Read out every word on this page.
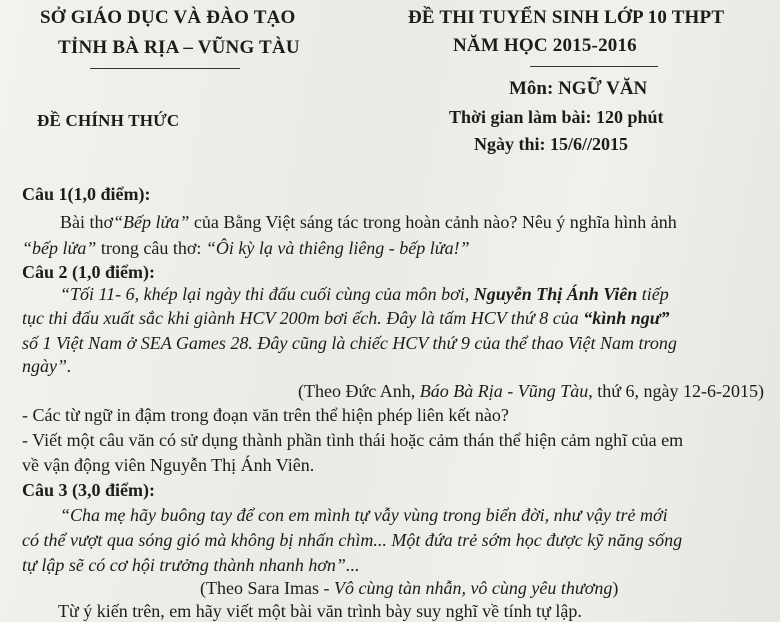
SỞ GIÁO DỤC VÀ ĐÀO TẠO
TỈNH BÀ RỊA – VŨNG TÀU
ĐỀ CHÍNH THỨC
ĐỀ THI TUYỂN SINH LỚP 10 THPT
NĂM HỌC 2015-2016
Môn: NGỮ VĂN
Thời gian làm bài: 120 phút
Ngày thi: 15/6//2015
Câu 1(1,0 điểm):
Bài thơ“Bếp lửa” của Bằng Việt sáng tác trong hoàn cảnh nào? Nêu ý nghĩa hình ảnh
“bếp lửa” trong câu thơ: “Ôi kỳ lạ và thiêng liêng - bếp lửa!”
Câu 2 (1,0 điểm):
“Tối 11- 6, khép lại ngày thi đấu cuối cùng của môn bơi, Nguyễn Thị Ánh Viên tiếp
tục thi đấu xuất sắc khi giành HCV 200m bơi ếch. Đây là tấm HCV thứ 8 của “kình ngư”
số 1 Việt Nam ở SEA Games 28. Đây cũng là chiếc HCV thứ 9 của thể thao Việt Nam trong
ngày”.
(Theo Đức Anh, Báo Bà Rịa - Vũng Tàu, thứ 6, ngày 12-6-2015)
- Các từ ngữ in đậm trong đoạn văn trên thể hiện phép liên kết nào?
- Viết một câu văn có sử dụng thành phần tình thái hoặc cảm thán thể hiện cảm nghĩ của em
về vận động viên Nguyễn Thị Ánh Viên.
Câu 3 (3,0 điểm):
“Cha mẹ hãy buông tay để con em mình tự vẫy vùng trong biển đời, như vậy trẻ mới
có thể vượt qua sóng gió mà không bị nhấn chìm... Một đứa trẻ sớm học được kỹ năng sống
tự lập sẽ có cơ hội trưởng thành nhanh hơn”...
(Theo Sara Imas - Vô cùng tàn nhẫn, vô cùng yêu thương)
Từ ý kiến trên, em hãy viết một bài văn trình bày suy nghĩ về tính tự lập.
